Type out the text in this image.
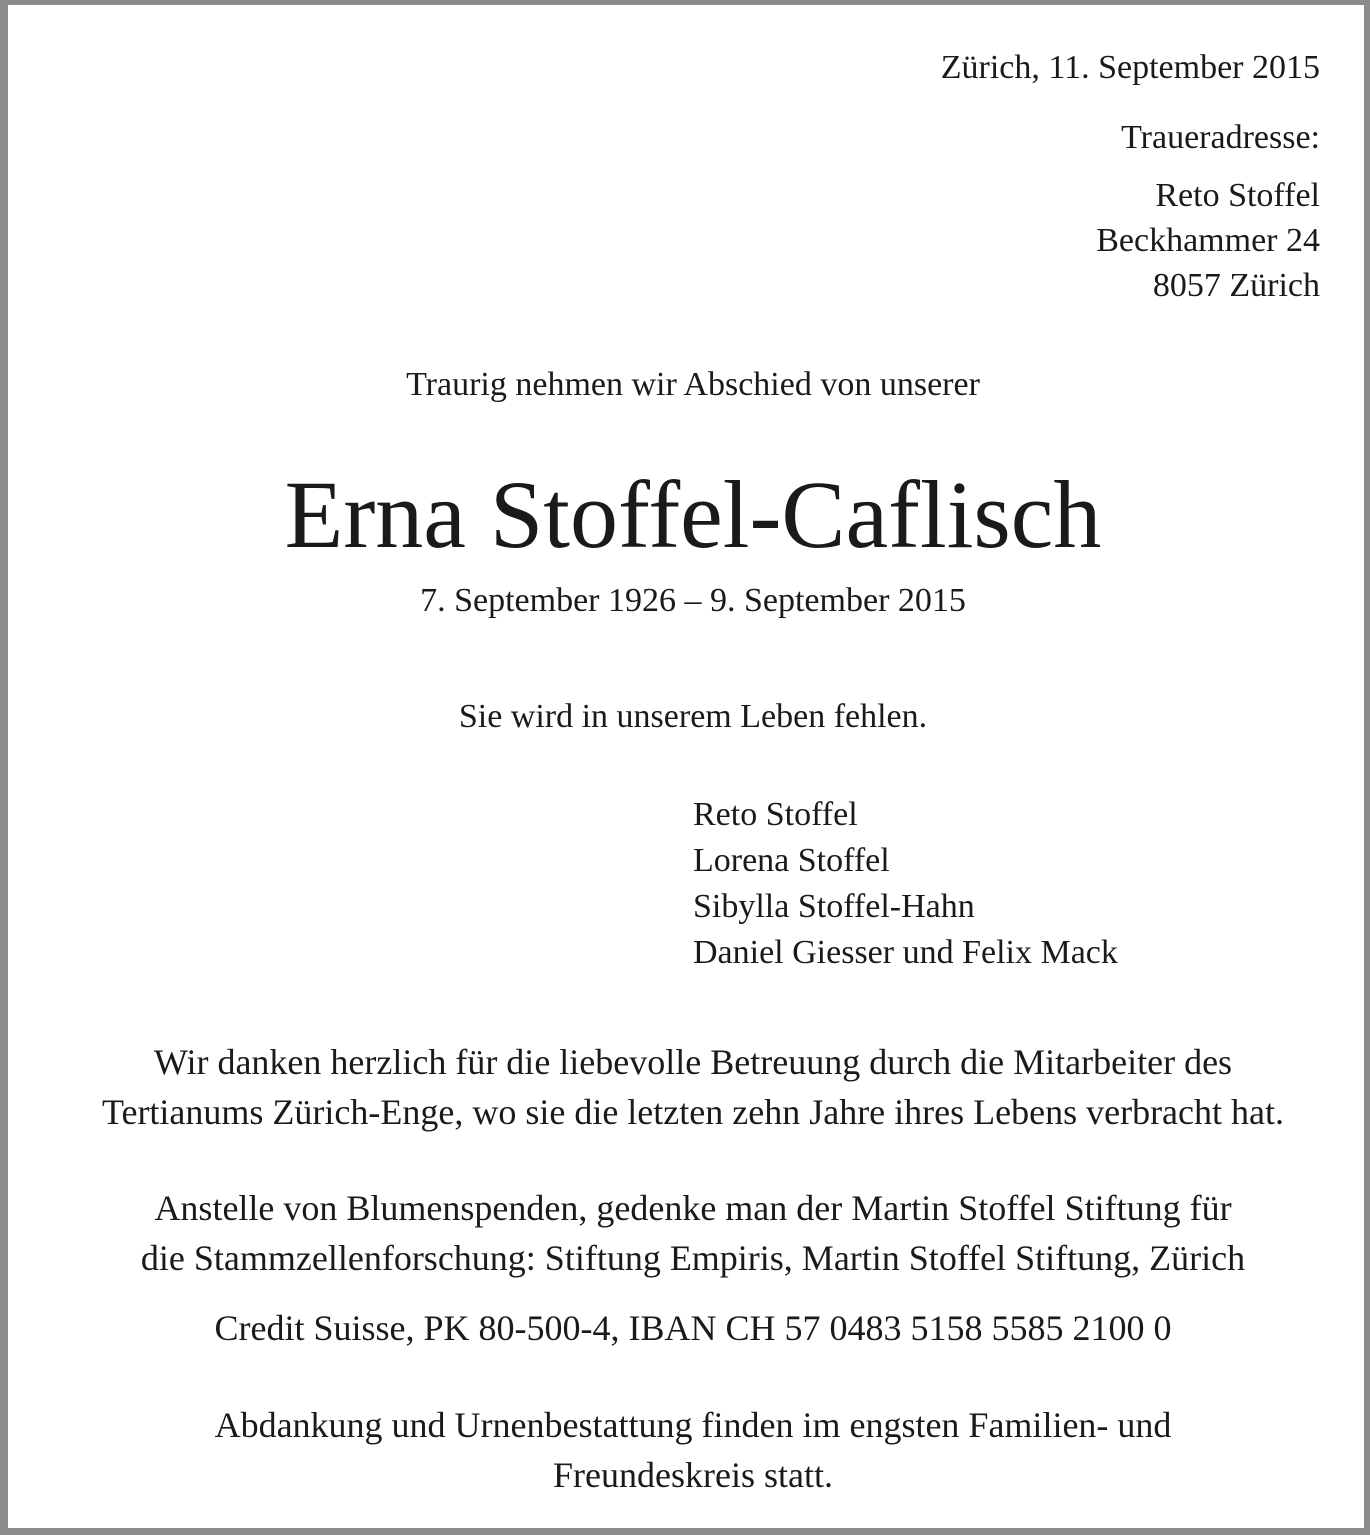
Zürich, 11. September 2015

Traueradresse:

Reto Stoffel
Beckhammer 24
8057 Zürich

Traurig nehmen wir Abschied von unserer

Erna Stoffel-Caflisch

7. September 1926 – 9. September 2015

Sie wird in unserem Leben fehlen.

Reto Stoffel
Lorena Stoffel
Sibylla Stoffel-Hahn
Daniel Giesser und Felix Mack
Wir danken herzlich für die liebevolle Betreuung durch die Mitarbeiter des
Tertianums Zürich-Enge, wo sie die letzten zehn Jahre ihres Lebens verbracht hat.
Anstelle von Blumenspenden, gedenke man der Martin Stoffel Stiftung für
die Stammzellenforschung: Stiftung Empiris, Martin Stoffel Stiftung, Zürich

Credit Suisse, PK 80-500-4, IBAN CH 57 0483 5158 5585 2100 0

Abdankung und Urnenbestattung finden im engsten Familien- und
Freundeskreis statt.
